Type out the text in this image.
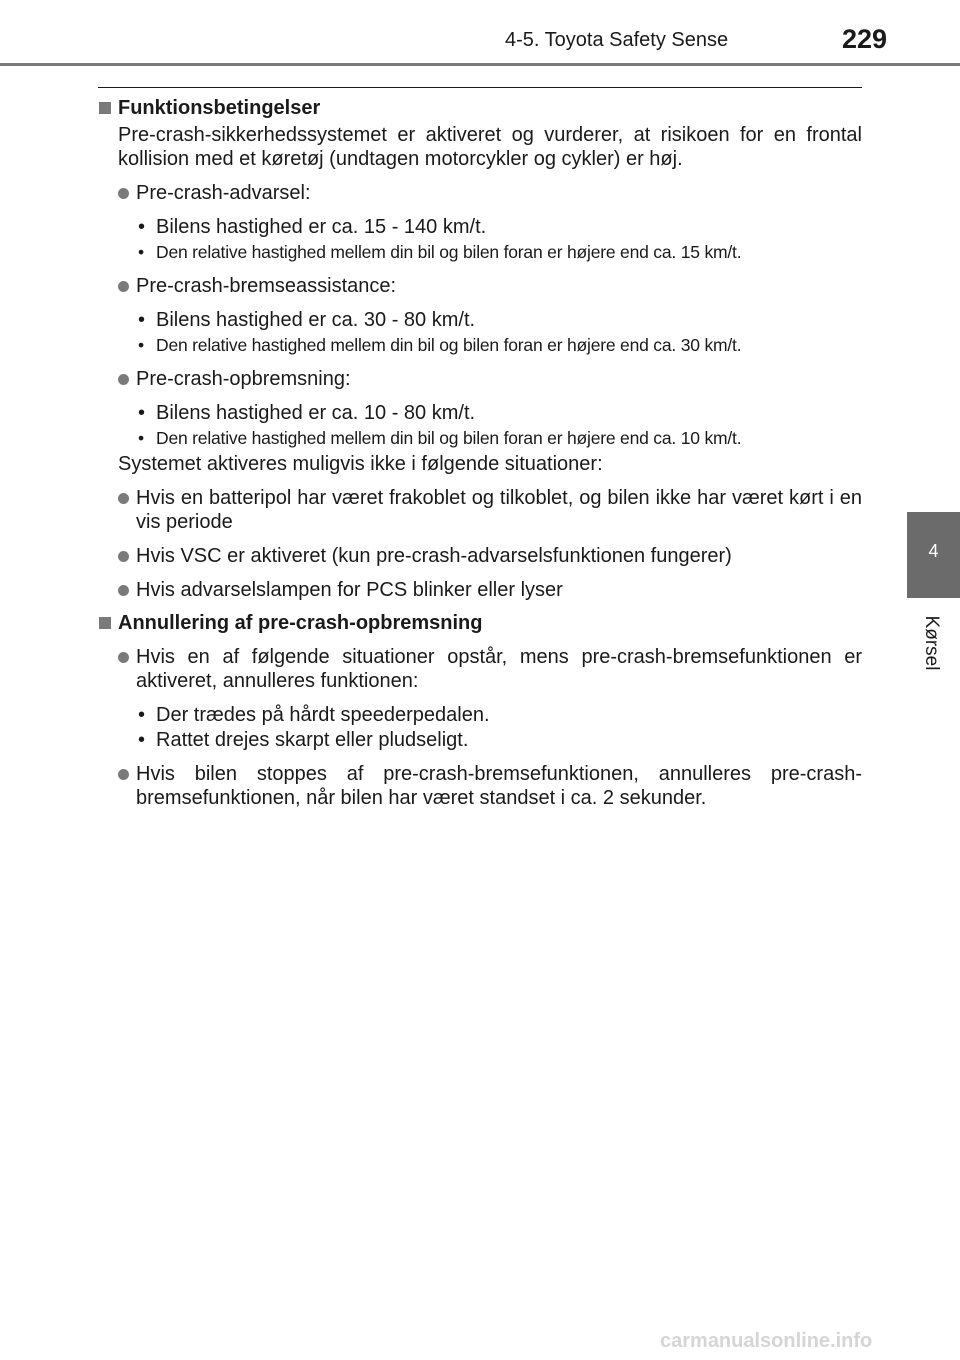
4-5. Toyota Safety Sense	229
4
Kørsel
Funktionsbetingelser
Pre-crash-sikkerhedssystemet er aktiveret og vurderer, at risikoen for en frontal kollision med et køretøj (undtagen motorcykler og cykler) er høj.
Pre-crash-advarsel:
• Bilens hastighed er ca. 15 - 140 km/t.
• Den relative hastighed mellem din bil og bilen foran er højere end ca. 15 km/t.
Pre-crash-bremseassistance:
• Bilens hastighed er ca. 30 - 80 km/t.
• Den relative hastighed mellem din bil og bilen foran er højere end ca. 30 km/t.
Pre-crash-opbremsning:
• Bilens hastighed er ca. 10 - 80 km/t.
• Den relative hastighed mellem din bil og bilen foran er højere end ca. 10 km/t.
Systemet aktiveres muligvis ikke i følgende situationer:
Hvis en batteripol har været frakoblet og tilkoblet, og bilen ikke har været kørt i en vis periode
Hvis VSC er aktiveret (kun pre-crash-advarselsfunktionen fungerer)
Hvis advarselslampen for PCS blinker eller lyser
Annullering af pre-crash-opbremsning
Hvis en af følgende situationer opstår, mens pre-crash-bremsefunktionen er aktiveret, annulleres funktionen:
• Der trædes på hårdt speederpedalen.
• Rattet drejes skarpt eller pludseligt.
Hvis bilen stoppes af pre-crash-bremsefunktionen, annulleres pre-crash-bremsefunktionen, når bilen har været standset i ca. 2 sekunder.
carmanualsonline.info
